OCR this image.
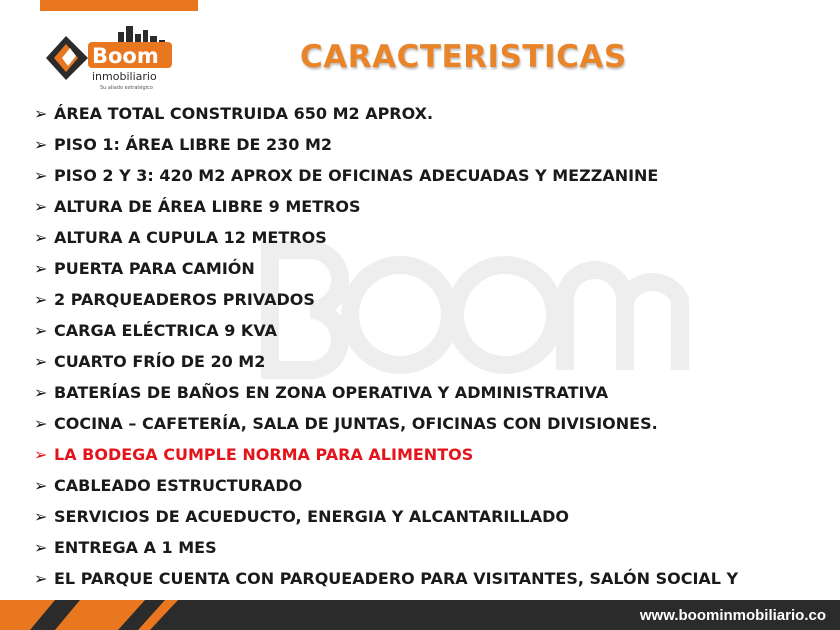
Boom
inmobiliario
Su aliado estratégico
CARACTERISTICAS
➢ ÁREA TOTAL CONSTRUIDA 650 M2 APROX.
➢ PISO 1: ÁREA LIBRE DE 230 M2
➢ PISO 2 Y 3: 420 M2 APROX DE OFICINAS ADECUADAS Y MEZZANINE
➢ ALTURA DE ÁREA LIBRE 9 METROS
➢ ALTURA A CUPULA 12 METROS
➢ PUERTA PARA CAMIÓN
➢ 2 PARQUEADEROS PRIVADOS
➢ CARGA ELÉCTRICA 9 KVA
➢ CUARTO FRÍO DE 20 M2
➢ BATERÍAS DE BAÑOS EN ZONA OPERATIVA Y ADMINISTRATIVA
➢ COCINA – CAFETERÍA, SALA DE JUNTAS, OFICINAS CON DIVISIONES.
➢ LA BODEGA CUMPLE NORMA PARA ALIMENTOS
➢ CABLEADO ESTRUCTURADO
➢ SERVICIOS DE ACUEDUCTO, ENERGIA Y ALCANTARILLADO
➢ ENTREGA A 1 MES
➢ EL PARQUE CUENTA CON PARQUEADERO PARA VISITANTES, SALÓN SOCIAL Y
www.boominmobiliario.co
